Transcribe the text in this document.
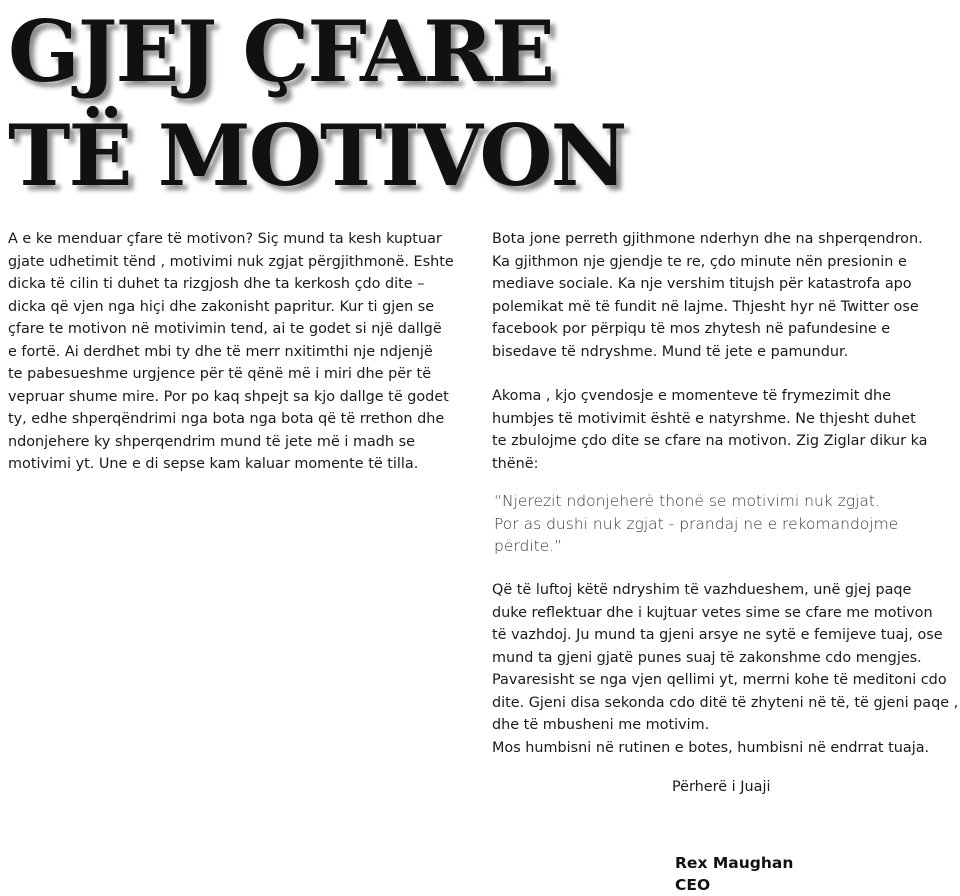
GJEJ ÇFARE
TË MOTIVON

A e ke menduar çfare të motivon? Siç mund ta kesh kuptuar

gjate udhetimit tënd , motivimi nuk zgjat përgjithmonë. Eshte

dicka të cilin ti duhet ta rizgjosh dhe ta kerkosh çdo dite –

dicka që vjen nga hiçi dhe zakonisht papritur. Kur ti gjen se

çfare te motivon në motivimin tend, ai te godet si një dallgë

e fortë. Ai derdhet mbi ty dhe të merr nxitimthi nje ndjenjë

te pabesueshme urgjence për të qënë më i miri dhe për të

vepruar shume mire. Por po kaq shpejt sa kjo dallge të godet

ty, edhe shperqëndrimi nga bota nga bota që të rrethon dhe

ndonjehere ky shperqendrim mund të jete më i madh se

motivimi yt. Une e di sepse kam kaluar momente të tilla.

Bota jone perreth gjithmone nderhyn dhe na shperqendron.

Ka gjithmon nje gjendje te re, çdo minute nën presionin e

mediave sociale. Ka nje vershim titujsh për katastrofa apo

polemikat më të fundit në lajme. Thjesht hyr në Twitter ose

facebook por përpiqu të mos zhytesh në pafundesine e

bisedave të ndryshme. Mund të jete e pamundur.

Akoma , kjo çvendosje e momenteve të frymezimit dhe

humbjes të motivimit është e natyrshme. Ne thjesht duhet

te zbulojme çdo dite se cfare na motivon. Zig Ziglar dikur ka

thënë:

“Njerezit ndonjeherë thonë se motivimi nuk zgjat.

Por as dushi nuk zgjat - prandaj ne e rekomandojme

përdite.”

Që të luftoj këtë ndryshim të vazhdueshem, unë gjej paqe

duke reflektuar dhe i kujtuar vetes sime se cfare me motivon

të vazhdoj. Ju mund ta gjeni arsye ne sytë e femijeve tuaj, ose

mund ta gjeni gjatë punes suaj të zakonshme cdo mengjes.

Pavaresisht se nga vjen qellimi yt, merrni kohe të meditoni cdo

dite. Gjeni disa sekonda cdo ditë të zhyteni në të, të gjeni paqe ,

dhe të mbusheni me motivim.

Mos humbisni në rutinen e botes, humbisni në endrrat tuaja.

Përherë i Juaji

Rex Maughan

CEO
